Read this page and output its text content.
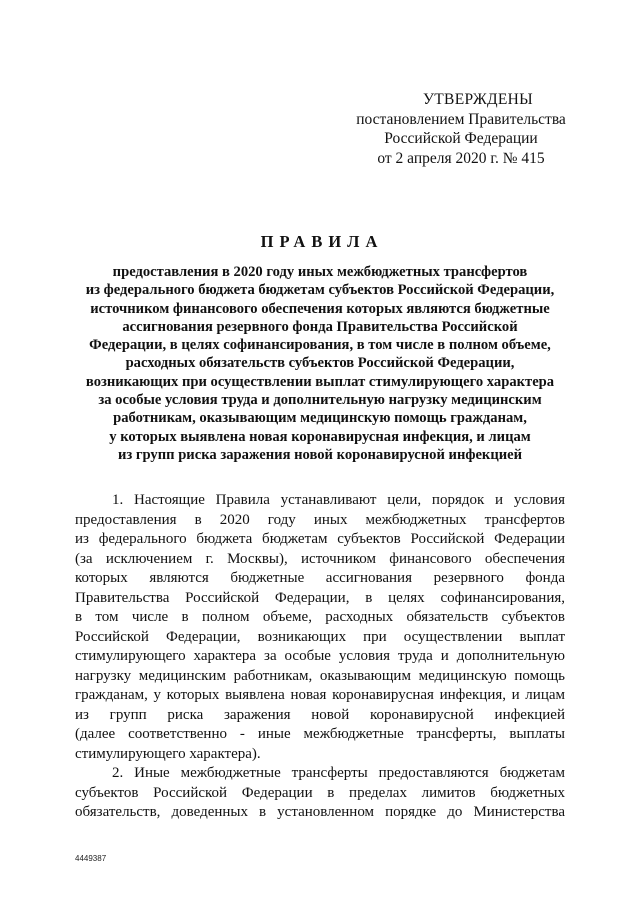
УТВЕРЖДЕНЫ
постановлением Правительства
Российской Федерации
от 2 апреля 2020 г. № 415
ПРАВИЛА
предоставления в 2020 году иных межбюджетных трансфертов
из федерального бюджета бюджетам субъектов Российской Федерации,
источником финансового обеспечения которых являются бюджетные
ассигнования резервного фонда Правительства Российской
Федерации, в целях софинансирования, в том числе в полном объеме,
расходных обязательств субъектов Российской Федерации,
возникающих при осуществлении выплат стимулирующего характера
за особые условия труда и дополнительную нагрузку медицинским
работникам, оказывающим медицинскую помощь гражданам,
у которых выявлена новая коронавирусная инфекция, и лицам
из групп риска заражения новой коронавирусной инфекцией
1. Настоящие Правила устанавливают цели, порядок и условия
предоставления в 2020 году иных межбюджетных трансфертов
из федерального бюджета бюджетам субъектов Российской Федерации
(за исключением г. Москвы), источником финансового обеспечения
которых являются бюджетные ассигнования резервного фонда
Правительства Российской Федерации, в целях софинансирования,
в том числе в полном объеме, расходных обязательств субъектов
Российской Федерации, возникающих при осуществлении выплат
стимулирующего характера за особые условия труда и дополнительную
нагрузку медицинским работникам, оказывающим медицинскую помощь
гражданам, у которых выявлена новая коронавирусная инфекция, и лицам
из групп риска заражения новой коронавирусной инфекцией
(далее соответственно - иные межбюджетные трансферты, выплаты
стимулирующего характера).
2. Иные межбюджетные трансферты предоставляются бюджетам
субъектов Российской Федерации в пределах лимитов бюджетных
обязательств, доведенных в установленном порядке до Министерства
4449387
